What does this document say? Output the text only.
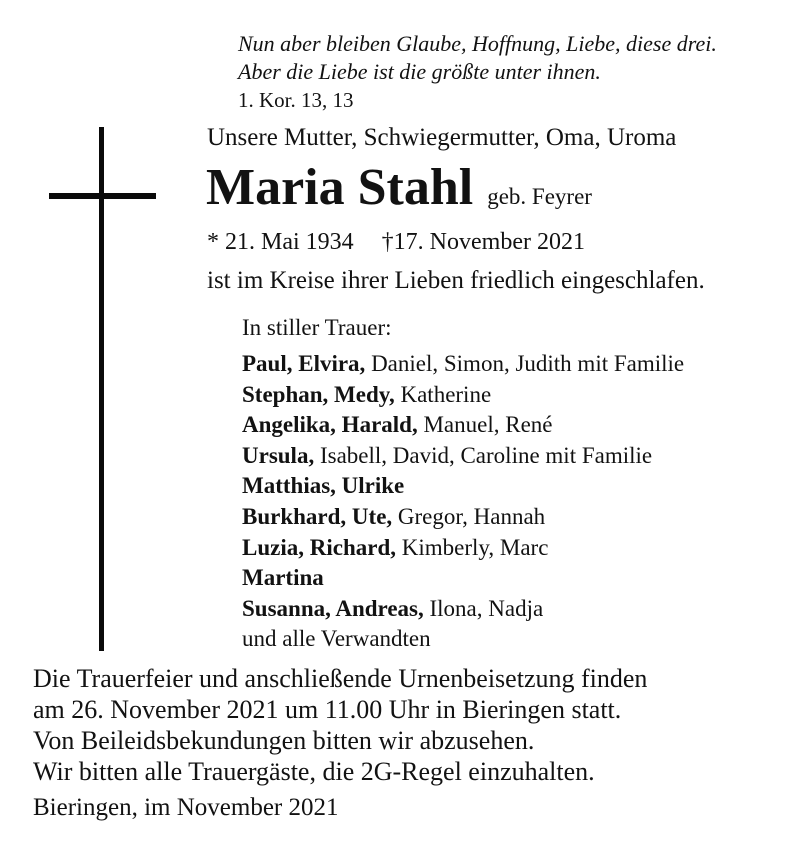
Nun aber bleiben Glaube, Hoffnung, Liebe, diese drei.
Aber die Liebe ist die größte unter ihnen.
1. Kor. 13, 13
Unsere Mutter, Schwiegermutter, Oma, Uroma
Maria Stahl geb. Feyrer
* 21. Mai 1934 †17. November 2021
ist im Kreise ihrer Lieben friedlich eingeschlafen.
In stiller Trauer:
Paul, Elvira, Daniel, Simon, Judith mit Familie
Stephan, Medy, Katherine
Angelika, Harald, Manuel, René
Ursula, Isabell, David, Caroline mit Familie
Matthias, Ulrike
Burkhard, Ute, Gregor, Hannah
Luzia, Richard, Kimberly, Marc
Martina
Susanna, Andreas, Ilona, Nadja
und alle Verwandten
Die Trauerfeier und anschließende Urnenbeisetzung finden
am 26. November 2021 um 11.00 Uhr in Bieringen statt.
Von Beileidsbekundungen bitten wir abzusehen.
Wir bitten alle Trauergäste, die 2G-Regel einzuhalten.
Bieringen, im November 2021
